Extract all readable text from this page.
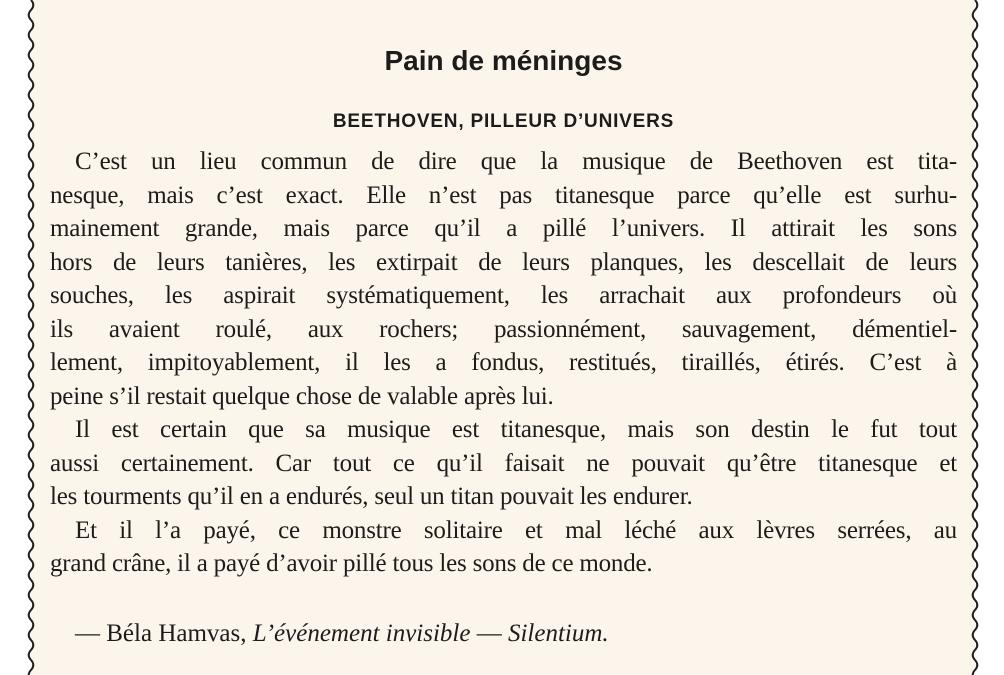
Pain de méninges
BEETHOVEN, PILLEUR D’UNIVERS

C’est un lieu commun de dire que la musique de Beethoven est tita-
nesque, mais c’est exact. Elle n’est pas titanesque parce qu’elle est surhu-
mainement grande, mais parce qu’il a pillé l’univers. Il attirait les sons
hors de leurs tanières, les extirpait de leurs planques, les descellait de leurs
souches, les aspirait systématiquement, les arrachait aux profondeurs où
ils avaient roulé, aux rochers; passionnément, sauvagement, démentiel-
lement, impitoyablement, il les a fondus, restitués, tiraillés, étirés. C’est à
peine s’il restait quelque chose de valable après lui.

Il est certain que sa musique est titanesque, mais son destin le fut tout
aussi certainement. Car tout ce qu’il faisait ne pouvait qu’être titanesque et
les tourments qu’il en a endurés, seul un titan pouvait les endurer.

Et il l’a payé, ce monstre solitaire et mal léché aux lèvres serrées, au
grand crâne, il a payé d’avoir pillé tous les sons de ce monde.

— Béla Hamvas, L’événement invisible — Silentium.
